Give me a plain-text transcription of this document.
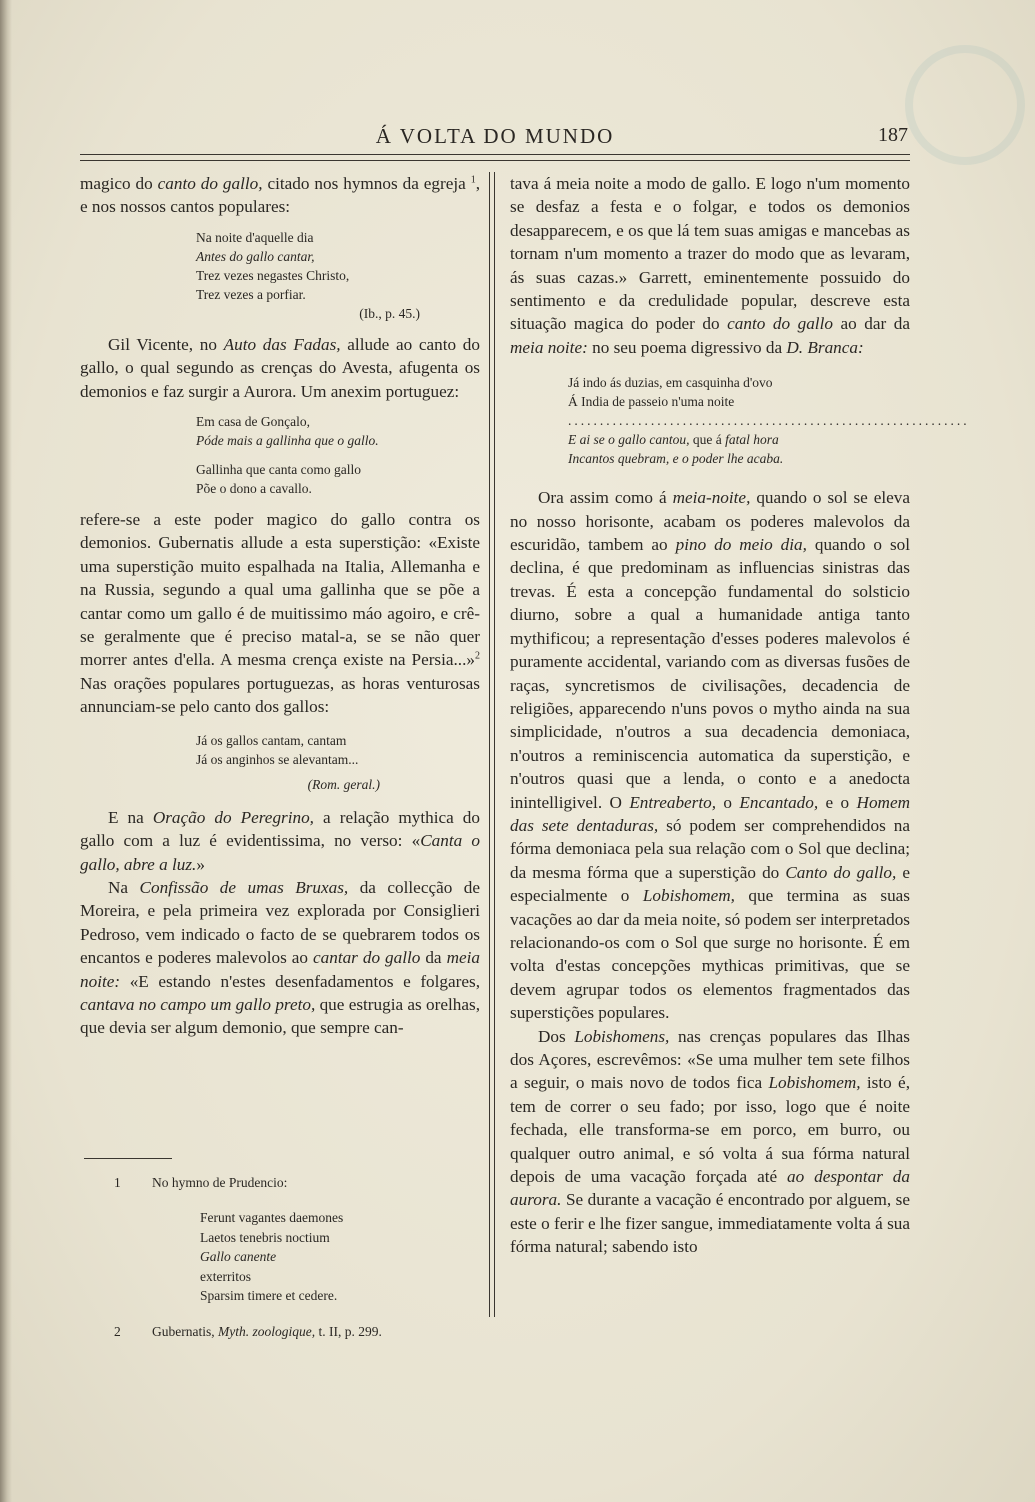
Á VOLTA DO MUNDO	187

magico do canto do gallo, citado nos hymnos da egreja $^1$, e nos nossos cantos populares:

Na noite d'aquelle dia
Antes do gallo cantar,
Trez vezes negastes Christo,
Trez vezes a porfiar.
(Ib., p. 45.)

Gil Vicente, no Auto das Fadas, allude ao canto do gallo, o qual segundo as crenças do Avesta, afugenta os demonios e faz surgir a Aurora. Um anexim portuguez:

Em casa de Gonçalo,
Póde mais a gallinha que o gallo.
Gallinha que canta como gallo
Põe o dono a cavallo.

refere-se a este poder magico do gallo contra os demonios. Gubernatis allude a esta superstição: «Existe uma superstição muito espalhada na Italia, Allemanha e na Russia, segundo a qual uma gallinha que se põe a cantar como um gallo é de muitissimo máo agoiro, e crê-se geralmente que é preciso matal-a, se se não quer morrer antes d'ella. A mesma crença existe na Persia...»$^2$ Nas orações populares portuguezas, as horas venturosas annunciam-se pelo canto dos gallos:

Já os gallos cantam, cantam
Já os anginhos se alevantam...
(Rom. geral.)

E na Oração do Peregrino, a relação mythica do gallo com a luz é evidentissima, no verso: «Canta o gallo, abre a luz.»

Na Confissão de umas Bruxas, da collecção de Moreira, e pela primeira vez explorada por Consiglieri Pedroso, vem indicado o facto de se quebrarem todos os encantos e poderes malevolos ao cantar do gallo da meia noite: «E estando n'estes desenfadamentos e folgares, cantava no campo um gallo preto, que estrugia as orelhas, que devia ser algum demonio, que sempre can-

1 No hymno de Prudencio:
Ferunt vagantes daemones
Laetos tenebris noctium
Gallo canente
exterritos
Sparsim timere et cedere.
2 Gubernatis, Myth. zoologique, t. II, p. 299.

tava á meia noite a modo de gallo. E logo n'um momento se desfaz a festa e o folgar, e todos os demonios desapparecem, e os que lá tem suas amigas e mancebas as tornam n'um momento a trazer do modo que as levaram, ás suas cazas.» Garrett, eminentemente possuido do sentimento e da credulidade popular, descreve esta situação magica do poder do canto do gallo ao dar da meia noite: no seu poema digressivo da D. Branca:

Já indo ás duzias, em casquinha d'ovo
Á India de passeio n'uma noite
...............................................................
E ai se o gallo cantou, que á fatal hora
Incantos quebram, e o poder lhe acaba.

Ora assim como á meia-noite, quando o sol se eleva no nosso horisonte, acabam os poderes malevolos da escuridão, tambem ao pino do meio dia, quando o sol declina, é que predominam as influencias sinistras das trevas. É esta a concepção fundamental do solsticio diurno, sobre a qual a humanidade antiga tanto mythificou; a representação d'esses poderes malevolos é puramente accidental, variando com as diversas fusões de raças, syncretismos de civilisações, decadencia de religiões, apparecendo n'uns povos o mytho ainda na sua simplicidade, n'outros a sua decadencia demoniaca, n'outros a reminiscencia automatica da superstição, e n'outros quasi que a lenda, o conto e a anedocta inintelligivel. O Entreaberto, o Encantado, e o Homem das sete dentaduras, só podem ser comprehendidos na fórma demoniaca pela sua relação com o Sol que declina; da mesma fórma que a superstição do Canto do gallo, e especialmente o Lobishomem, que termina as suas vacações ao dar da meia noite, só podem ser interpretados relacionando-os com o Sol que surge no horisonte. É em volta d'estas concepções mythicas primitivas, que se devem agrupar todos os elementos fragmentados das superstições populares.

Dos Lobishomens, nas crenças populares das Ilhas dos Açores, escrevêmos: «Se uma mulher tem sete filhos a seguir, o mais novo de todos fica Lobishomem, isto é, tem de correr o seu fado; por isso, logo que é noite fechada, elle transforma-se em porco, em burro, ou qualquer outro animal, e só volta á sua fórma natural depois de uma vacação forçada até ao despontar da aurora. Se durante a vacação é encontrado por alguem, se este o ferir e lhe fizer sangue, immediatamente volta á sua fórma natural; sabendo isto
